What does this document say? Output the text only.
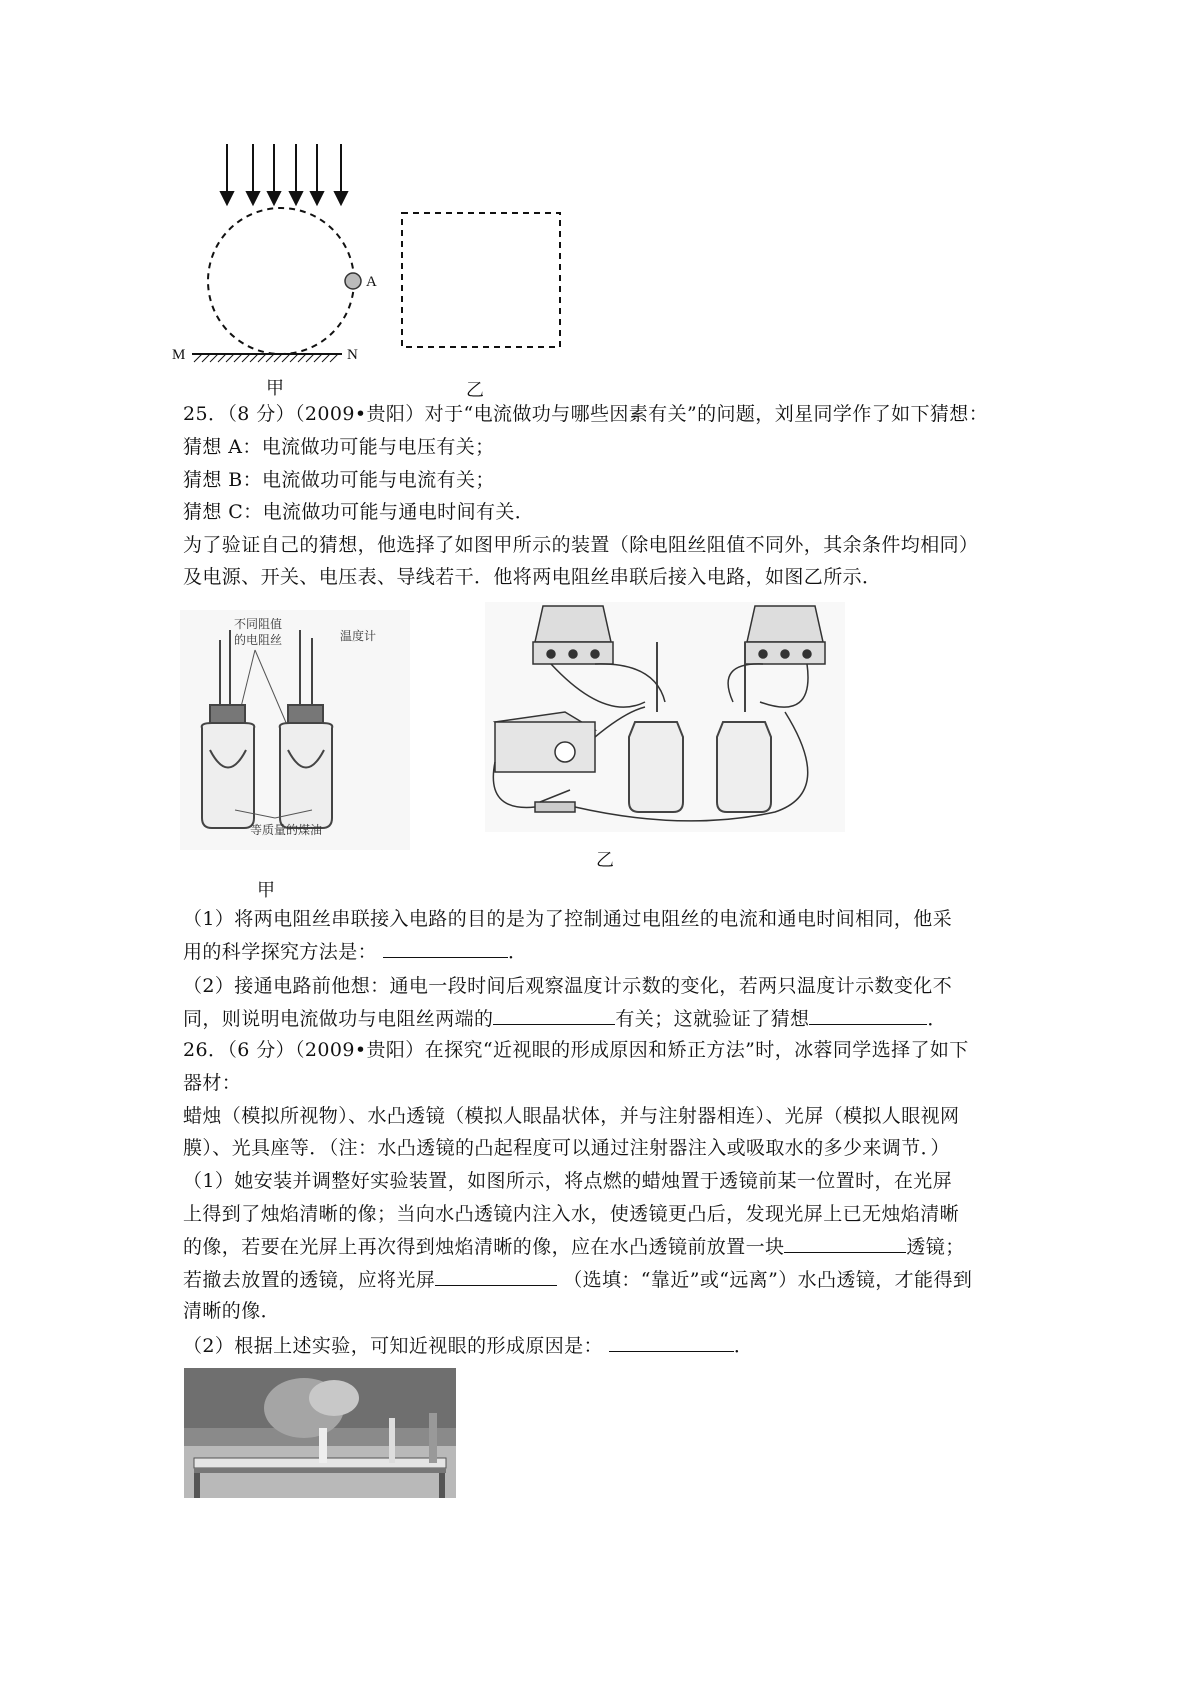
A
M	N
甲	乙
25．（8 分）（2009•贵阳）对于“电流做功与哪些因素有关”的问题，刘星同学作了如下猜想：
猜想 A：电流做功可能与电压有关；
猜想 B：电流做功可能与电流有关；
猜想 C：电流做功可能与通电时间有关．
为了验证自己的猜想，他选择了如图甲所示的装置（除电阻丝阻值不同外，其余条件均相同）
及电源、开关、电压表、导线若干．他将两电阻丝串联后接入电路，如图乙所示．
不同阻值
的电阻丝	温度计
等质量的煤油
甲
乙
（1）将两电阻丝串联接入电路的目的是为了控制通过电阻丝的电流和通电时间相同，他采
用的科学探究方法是：	．
（2）接通电路前他想：通电一段时间后观察温度计示数的变化，若两只温度计示数变化不
同，则说明电流做功与电阻丝两端的	有关；这就验证了猜想	．
26．（6 分）（2009•贵阳）在探究“近视眼的形成原因和矫正方法”时，冰蓉同学选择了如下
器材：
蜡烛（模拟所视物）、水凸透镜（模拟人眼晶状体，并与注射器相连）、光屏（模拟人眼视网
膜）、光具座等．（注：水凸透镜的凸起程度可以通过注射器注入或吸取水的多少来调节．）
（1）她安装并调整好实验装置，如图所示，将点燃的蜡烛置于透镜前某一位置时，在光屏
上得到了烛焰清晰的像；当向水凸透镜内注入水，使透镜更凸后，发现光屏上已无烛焰清晰
的像，若要在光屏上再次得到烛焰清晰的像，应在水凸透镜前放置一块	透镜；
若撤去放置的透镜，应将光屏	（选填：“靠近”或“远离”）水凸透镜，才能得到
清晰的像．
（2）根据上述实验，可知近视眼的形成原因是：	．
